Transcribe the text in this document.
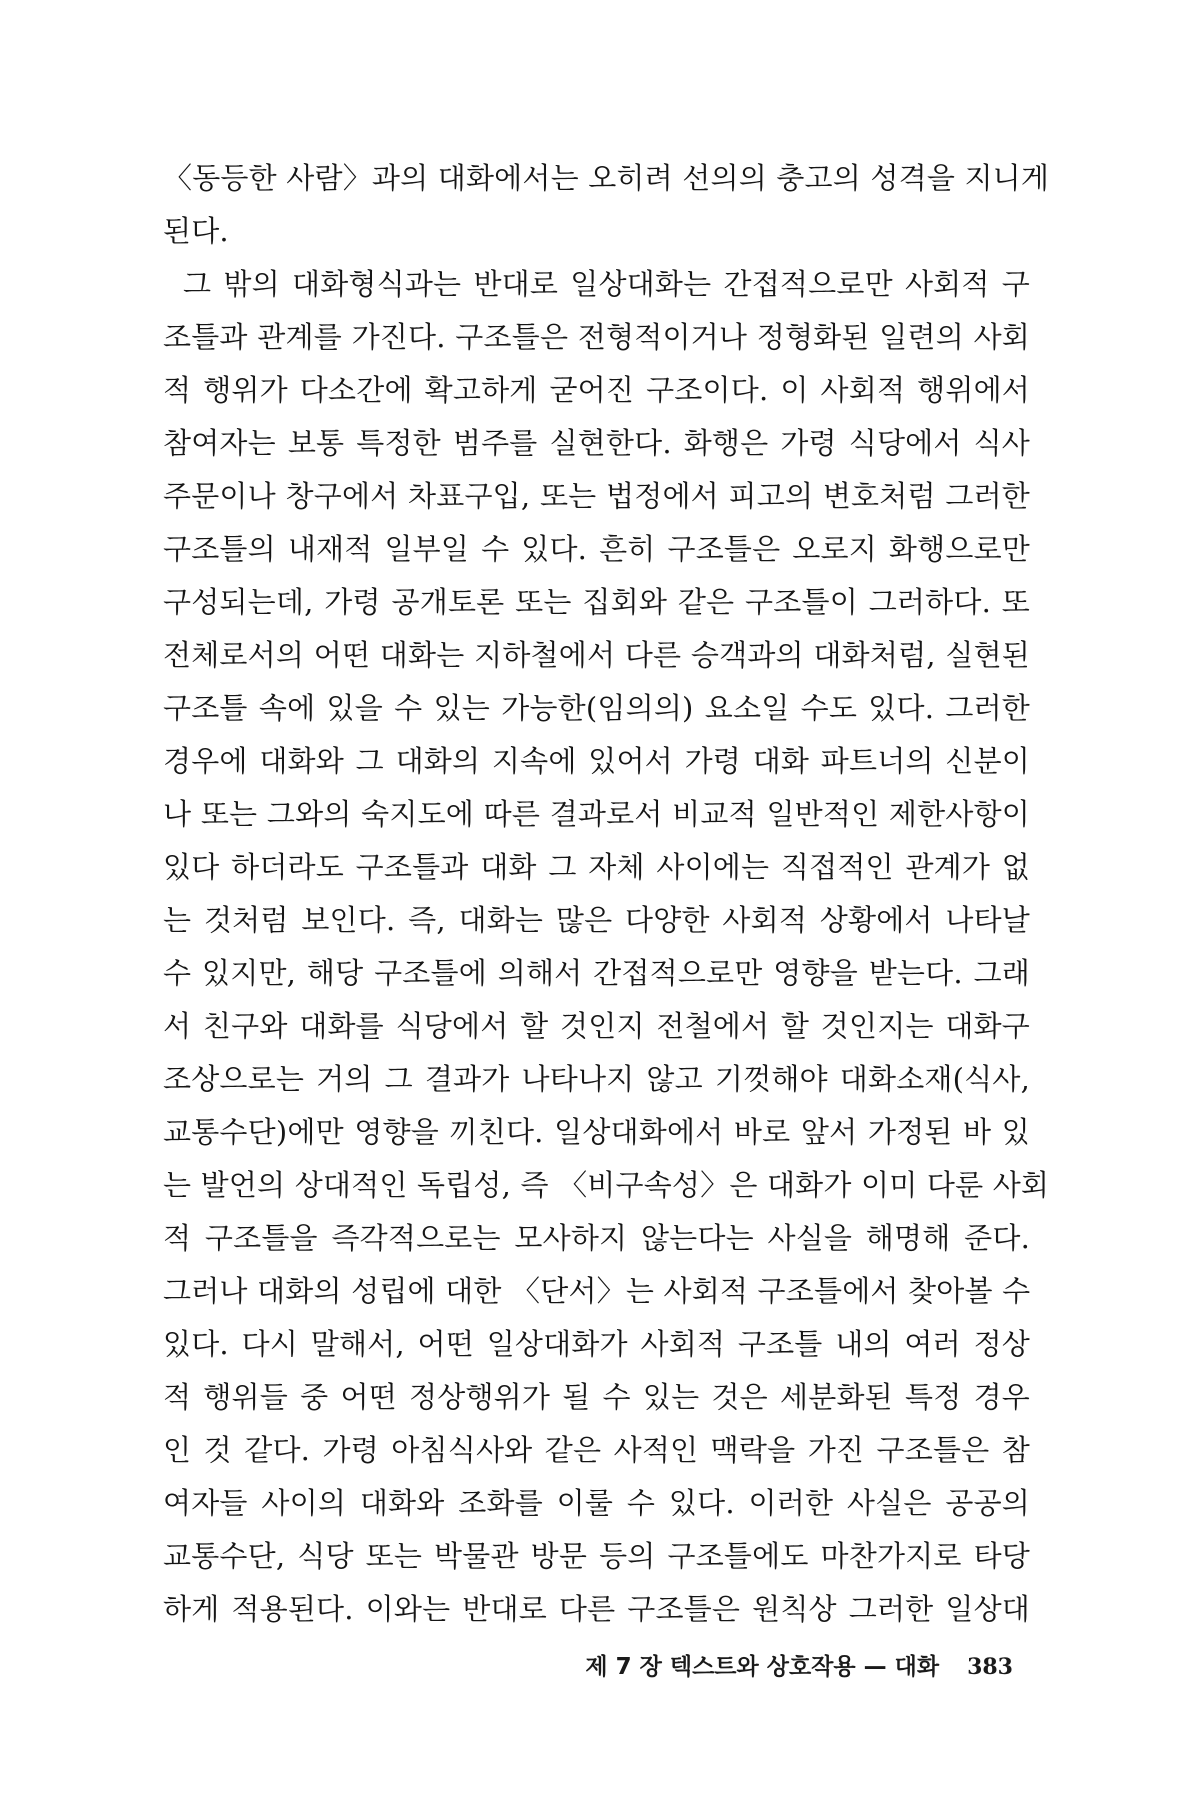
〈동등한 사람〉과의 대화에서는 오히려 선의의 충고의 성격을 지니게
된다.
그 밖의 대화형식과는 반대로 일상대화는 간접적으로만 사회적 구
조틀과 관계를 가진다. 구조틀은 전형적이거나 정형화된 일련의 사회
적 행위가 다소간에 확고하게 굳어진 구조이다. 이 사회적 행위에서
참여자는 보통 특정한 범주를 실현한다. 화행은 가령 식당에서 식사
주문이나 창구에서 차표구입, 또는 법정에서 피고의 변호처럼 그러한
구조틀의 내재적 일부일 수 있다. 흔히 구조틀은 오로지 화행으로만
구성되는데, 가령 공개토론 또는 집회와 같은 구조틀이 그러하다. 또
전체로서의 어떤 대화는 지하철에서 다른 승객과의 대화처럼, 실현된
구조틀 속에 있을 수 있는 가능한(임의의) 요소일 수도 있다. 그러한
경우에 대화와 그 대화의 지속에 있어서 가령 대화 파트너의 신분이
나 또는 그와의 숙지도에 따른 결과로서 비교적 일반적인 제한사항이
있다 하더라도 구조틀과 대화 그 자체 사이에는 직접적인 관계가 없
는 것처럼 보인다. 즉, 대화는 많은 다양한 사회적 상황에서 나타날
수 있지만, 해당 구조틀에 의해서 간접적으로만 영향을 받는다. 그래
서 친구와 대화를 식당에서 할 것인지 전철에서 할 것인지는 대화구
조상으로는 거의 그 결과가 나타나지 않고 기껏해야 대화소재(식사,
교통수단)에만 영향을 끼친다. 일상대화에서 바로 앞서 가정된 바 있
는 발언의 상대적인 독립성, 즉 〈비구속성〉은 대화가 이미 다룬 사회
적 구조틀을 즉각적으로는 모사하지 않는다는 사실을 해명해 준다.
그러나 대화의 성립에 대한 〈단서〉는 사회적 구조틀에서 찾아볼 수
있다. 다시 말해서, 어떤 일상대화가 사회적 구조틀 내의 여러 정상
적 행위들 중 어떤 정상행위가 될 수 있는 것은 세분화된 특정 경우
인 것 같다. 가령 아침식사와 같은 사적인 맥락을 가진 구조틀은 참
여자들 사이의 대화와 조화를 이룰 수 있다. 이러한 사실은 공공의
교통수단, 식당 또는 박물관 방문 등의 구조틀에도 마찬가지로 타당
하게 적용된다. 이와는 반대로 다른 구조틀은 원칙상 그러한 일상대
제 7 장 텍스트와 상호작용 — 대화 383
